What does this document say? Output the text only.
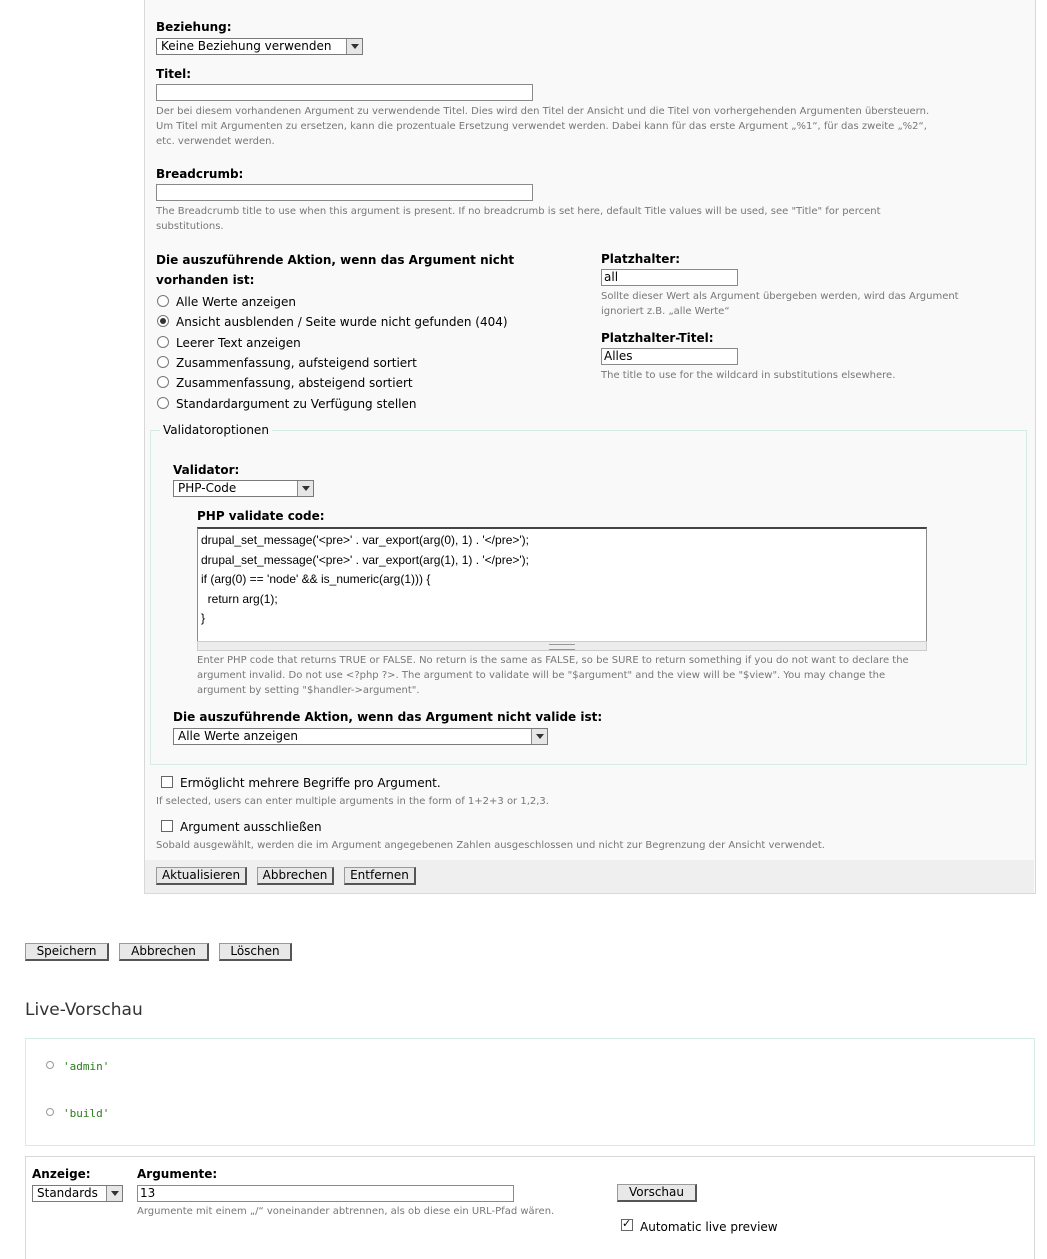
Beziehung:
Keine Beziehung verwenden
Titel:
Der bei diesem vorhandenen Argument zu verwendende Titel. Dies wird den Titel der Ansicht und die Titel von vorhergehenden Argumenten übersteuern.
Um Titel mit Argumenten zu ersetzen, kann die prozentuale Ersetzung verwendet werden. Dabei kann für das erste Argument „%1“, für das zweite „%2“,
etc. verwendet werden.
Breadcrumb:
The Breadcrumb title to use when this argument is present. If no breadcrumb is set here, default Title values will be used, see "Title" for percent
substitutions.
Die auszuführende Aktion, wenn das Argument nicht
vorhanden ist:
Alle Werte anzeigen
Ansicht ausblenden / Seite wurde nicht gefunden (404)
Leerer Text anzeigen
Zusammenfassung, aufsteigend sortiert
Zusammenfassung, absteigend sortiert
Standardargument zu Verfügung stellen
Platzhalter:
all
Sollte dieser Wert als Argument übergeben werden, wird das Argument
ignoriert z.B. „alle Werte“
Platzhalter-Titel:
Alles
The title to use for the wildcard in substitutions elsewhere.
Validatoroptionen
Validator:
PHP-Code
PHP validate code:
drupal_set_message('<pre>' . var_export(arg(0), 1) . '</pre>');
drupal_set_message('<pre>' . var_export(arg(1), 1) . '</pre>');
if (arg(0) == 'node' && is_numeric(arg(1))) {
return arg(1);
}
Enter PHP code that returns TRUE or FALSE. No return is the same as FALSE, so be SURE to return something if you do not want to declare the
argument invalid. Do not use <?php ?>. The argument to validate will be "$argument" and the view will be "$view". You may change the
argument by setting "$handler->argument".
Die auszuführende Aktion, wenn das Argument nicht valide ist:
Alle Werte anzeigen
Ermöglicht mehrere Begriffe pro Argument.
If selected, users can enter multiple arguments in the form of 1+2+3 or 1,2,3.
Argument ausschließen
Sobald ausgewählt, werden die im Argument angegebenen Zahlen ausgeschlossen und nicht zur Begrenzung der Ansicht verwendet.
Aktualisieren	Abbrechen	Entfernen
Speichern	Abbrechen	Löschen
Live-Vorschau
'admin'
'build'
Anzeige:
Standards
Argumente:
13
Argumente mit einem „/“ voneinander abtrennen, als ob diese ein URL-Pfad wären.
Vorschau
✓
Automatic live preview
